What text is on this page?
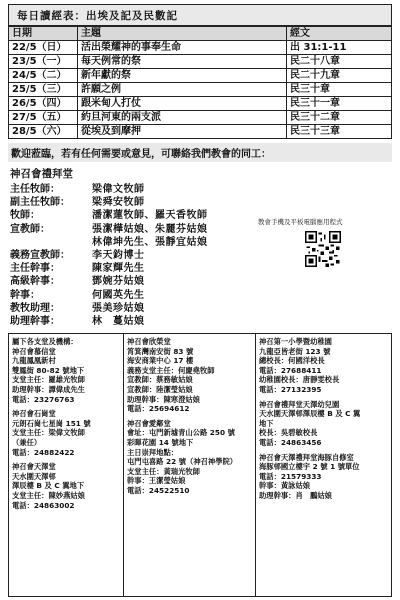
每日讀經表：出埃及記及民數記
日期	主題	經文
22/5（日）	活出榮耀神的事奉生命	出 31:1-11
23/5（一）	每天例常的祭	民二十八章
24/5（二）	新年獻的祭	民二十九章
25/5（三）	許願之例	民三十章
26/5（四）	跟米甸人打仗	民三十一章
27/5（五）	約旦河東的兩支派	民三十二章
28/5（六）	從埃及到摩押	民三十三章
歡迎蒞臨，若有任何需要或意見，可聯絡我們教會的同工：
神召會禮拜堂
主任牧師：	梁偉文牧師
副主任牧師：	梁舜安牧師
牧師：	潘潔蓮牧師、羅天香牧師
宣教師：	張潔樺姑娘、朱麗芬姑娘
林偉坤先生、張靜宜姑娘
義務宣教師：	李天鈞博士
主任幹事：	陳家輝先生
高級幹事：	鄧婉芬姑娘
幹事：	何國英先生
教牧助理：	張美珍姑娘
助理幹事：	林　蔓姑娘
教會手機及平板電腦應用程式
屬下各支堂及機構：
神召會慕信堂
九龍鳳凰新村
雙鳳街 80-82 號地下
支堂主任：羅雄光牧師
助理幹事：譚偉成先生
電話：23276763
神召會石崗堂
元朗石崗七星崗 151 號
支堂主任：梁偉文牧師
（兼任）
電話：24882422
神召會天澤堂
天水圍天澤邨
澤辰樓 B 及 C 翼地下
支堂主任：陳妙燕姑娘
電話：24863002
神召會欣榮堂
筲箕灣南安街 83 號
海安商業中心 17 樓
義務支堂主任：何慶堯牧師
宣教師：蔡務敏姑娘
宣教師：陸潔瑩姑娘
助理幹事：陳寒澄姑娘
電話：25694612
神召會愛鄰堂
會址：屯門新墟青山公路 250 號
彩暉花園 14 號地下
主日崇拜地點：
屯門屯喜路 22 號（神召神學院）
支堂主任：黃瑞光牧師
幹事：王潔瑩姑娘
電話：24522510
神召第一小學暨幼稚園
九龍亞皆老街 123 號
總校長：何國洋校長
電話：27688411
幼稚園校長：唐靜雯校長
電話：27132395
神召會禮拜堂天澤幼兒園
天水圍天澤邨澤辰樓 B 及 C 翼
地下
校長：吳碧敏校長
電話：24863456
神召會天澤禮拜堂海豚自修室
海豚邨國立樓宇 2 號 1 號單位
電話：21579333
幹事：黃詠姑娘
助理幹事：肖　鵬姑娘
